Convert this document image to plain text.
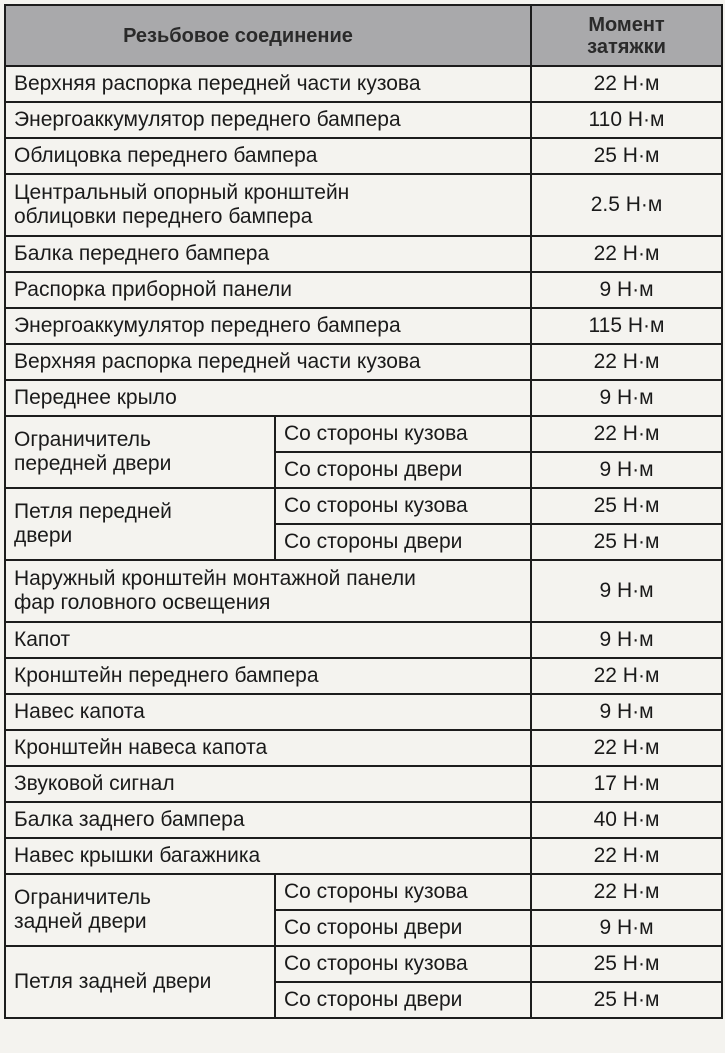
Резьбовое соединение		Момент
затяжки
Верхняя распорка передней части кузова		22 Н·м
Энергоаккумулятор переднего бампера		110 Н·м
Облицовка переднего бампера		25 Н·м
Центральный опорный кронштейн
облицовки переднего бампера		2.5 Н·м
Балка переднего бампера		22 Н·м
Распорка приборной панели		9 Н·м
Энергоаккумулятор переднего бампера		115 Н·м
Верхняя распорка передней части кузова		22 Н·м
Переднее крыло		9 Н·м
Ограничитель
передней двери	Со стороны кузова	22 Н·м
	Со стороны двери	9 Н·м
Петля передней
двери	Со стороны кузова	25 Н·м
	Со стороны двери	25 Н·м
Наружный кронштейн монтажной панели
фар головного освещения		9 Н·м
Капот		9 Н·м
Кронштейн переднего бампера		22 Н·м
Навес капота		9 Н·м
Кронштейн навеса капота		22 Н·м
Звуковой сигнал		17 Н·м
Балка заднего бампера		40 Н·м
Навес крышки багажника		22 Н·м
Ограничитель
задней двери	Со стороны кузова	22 Н·м
	Со стороны двери	9 Н·м
Петля задней двери	Со стороны кузова	25 Н·м
	Со стороны двери	25 Н·м
